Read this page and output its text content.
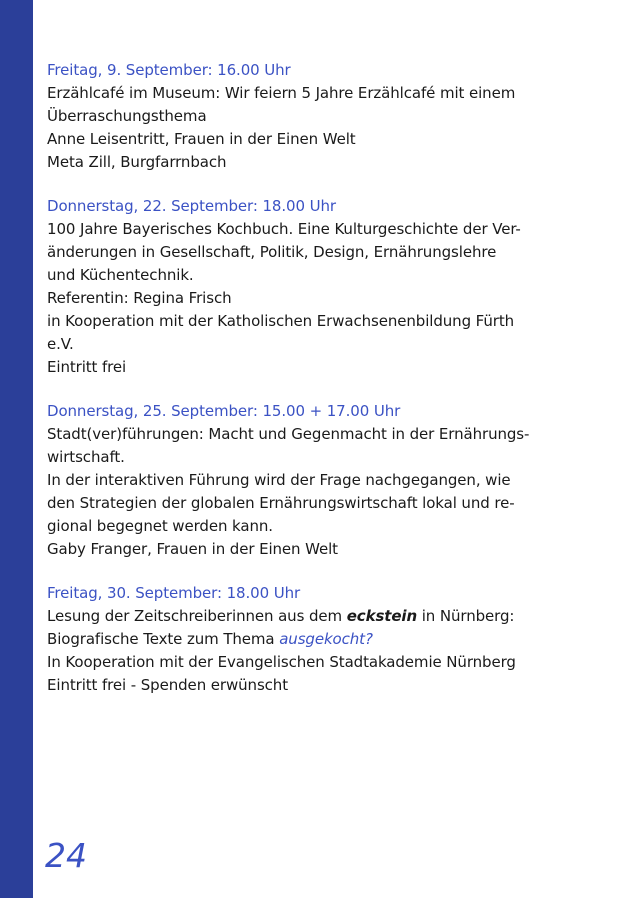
Freitag, 9. September: 16.00 Uhr
Erzählcafé im Museum: Wir feiern 5 Jahre Erzählcafé mit einem
Überraschungsthema
Anne Leisentritt, Frauen in der Einen Welt
Meta Zill, Burgfarrnbach
Donnerstag, 22. September: 18.00 Uhr
100 Jahre Bayerisches Kochbuch. Eine Kulturgeschichte der Ver-
änderungen in Gesellschaft, Politik, Design, Ernährungslehre
und Küchentechnik.
Referentin: Regina Frisch
in Kooperation mit der Katholischen Erwachsenenbildung Fürth
e.V.
Eintritt frei
Donnerstag, 25. September: 15.00 + 17.00 Uhr
Stadt(ver)führungen: Macht und Gegenmacht in der Ernährungs-
wirtschaft.
In der interaktiven Führung wird der Frage nachgegangen, wie
den Strategien der globalen Ernährungswirtschaft lokal und re-
gional begegnet werden kann.
Gaby Franger, Frauen in der Einen Welt
Freitag, 30. September: 18.00 Uhr
Lesung der Zeitschreiberinnen aus dem eckstein in Nürnberg:
Biografische Texte zum Thema ausgekocht?
In Kooperation mit der Evangelischen Stadtakademie Nürnberg
Eintritt frei - Spenden erwünscht
24
